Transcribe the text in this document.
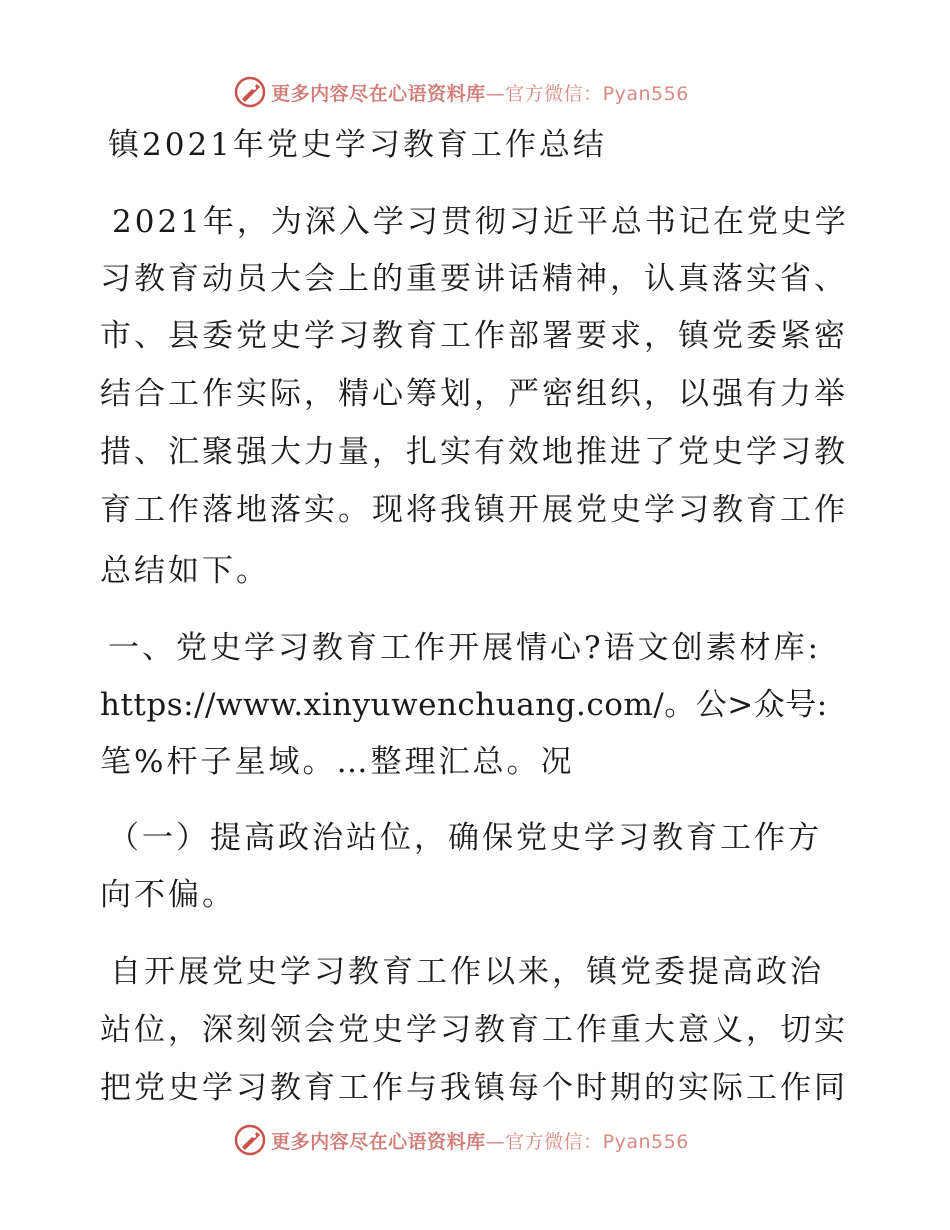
更多内容尽在心语资料库—官方微信：Pyan556
镇2021年党史学习教育工作总结
2021年，为深入学习贯彻习近平总书记在党史学
习教育动员大会上的重要讲话精神，认真落实省、
市、县委党史学习教育工作部署要求，镇党委紧密
结合工作实际，精心筹划，严密组织，以强有力举
措、汇聚强大力量，扎实有效地推进了党史学习教
育工作落地落实。现将我镇开展党史学习教育工作
总结如下。
一、党史学习教育工作开展情心?语文创素材库:
https://www.xinyuwenchuang.com/。公>众号:
笔%杆子星域。…整理汇总。况
（一）提高政治站位，确保党史学习教育工作方
向不偏。
自开展党史学习教育工作以来，镇党委提高政治
站位，深刻领会党史学习教育工作重大意义，切实
把党史学习教育工作与我镇每个时期的实际工作同
更多内容尽在心语资料库—官方微信：Pyan556
